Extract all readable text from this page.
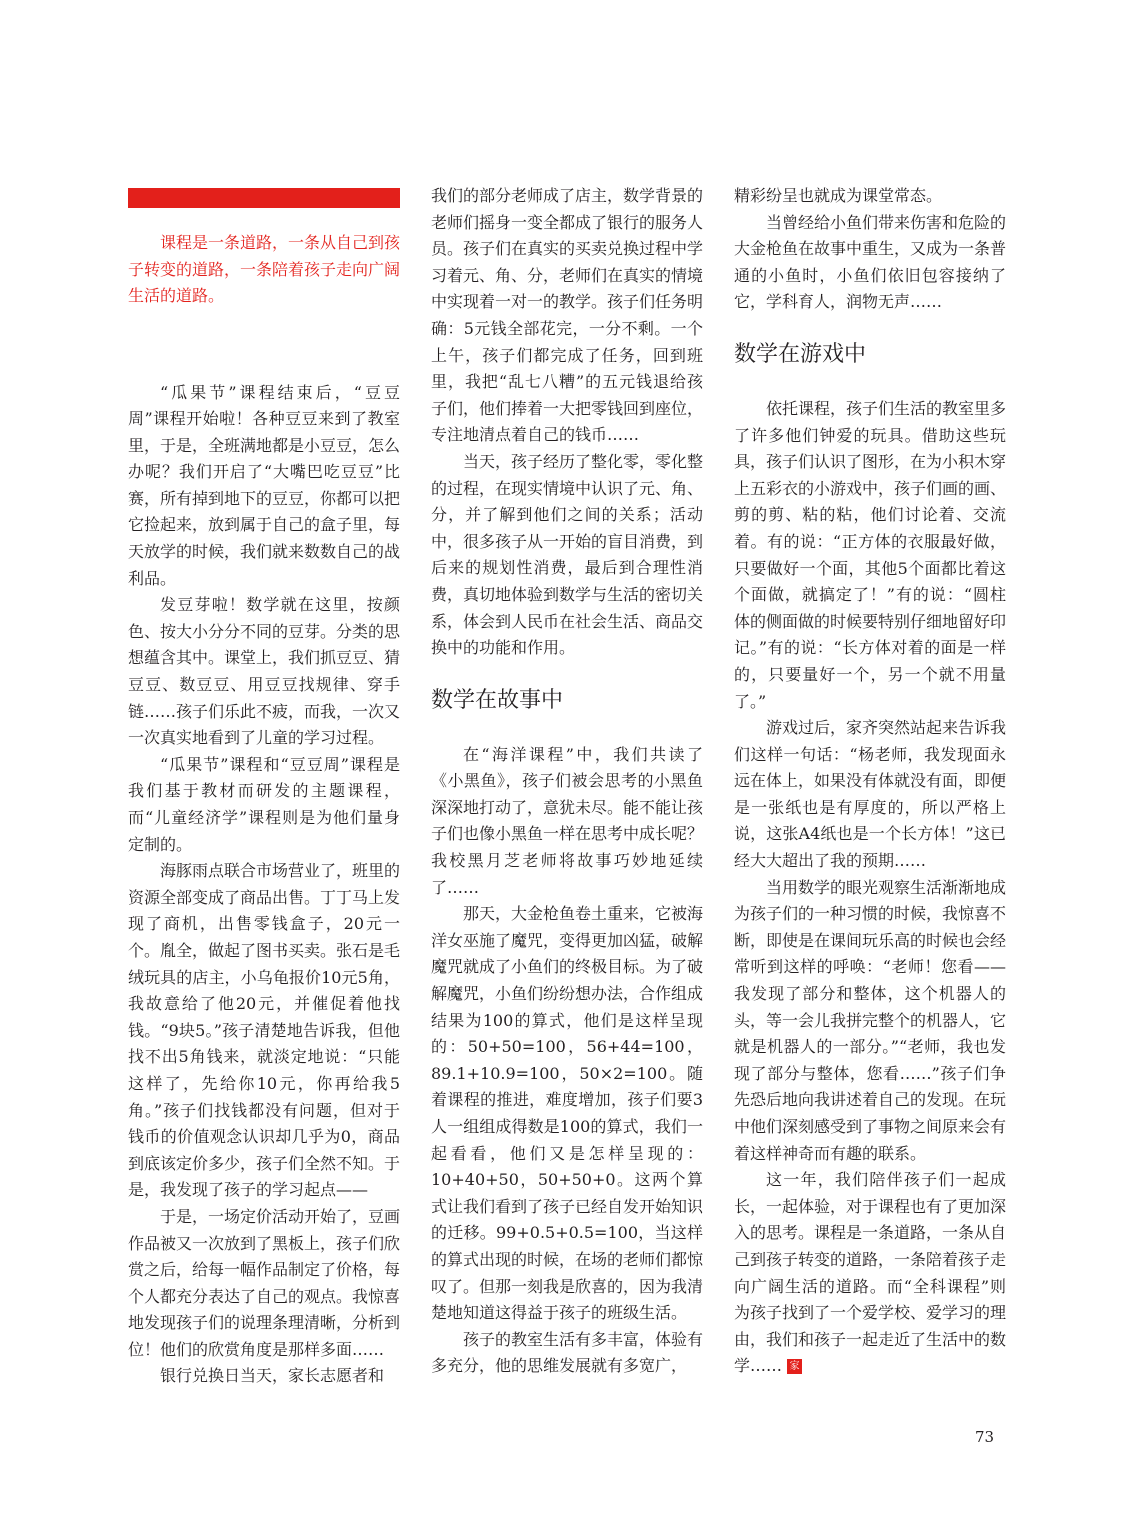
课程是一条道路，一条从自己到孩子转变的道路，一条陪着孩子走向广阔生活的道路。

“瓜果节”课程结束后，“豆豆周”课程开始啦！各种豆豆来到了教室里，于是，全班满地都是小豆豆，怎么办呢？我们开启了“大嘴巴吃豆豆”比赛，所有掉到地下的豆豆，你都可以把它捡起来，放到属于自己的盒子里，每天放学的时候，我们就来数数自己的战利品。

发豆芽啦！数学就在这里，按颜色、按大小分分不同的豆芽。分类的思想蕴含其中。课堂上，我们抓豆豆、猜豆豆、数豆豆、用豆豆找规律、穿手链……孩子们乐此不疲，而我，一次又一次真实地看到了儿童的学习过程。

“瓜果节”课程和“豆豆周”课程是我们基于教材而研发的主题课程，而“儿童经济学”课程则是为他们量身定制的。

海豚雨点联合市场营业了，班里的资源全部变成了商品出售。丁丁马上发现了商机，出售零钱盒子，20元一个。胤全，做起了图书买卖。张石是毛绒玩具的店主，小乌龟报价10元5角，我故意给了他20元，并催促着他找钱。“9块5。”孩子清楚地告诉我，但他找不出5角钱来，就淡定地说：“只能这样了，先给你10元，你再给我5角。”孩子们找钱都没有问题，但对于钱币的价值观念认识却几乎为0，商品到底该定价多少，孩子们全然不知。于是，我发现了孩子的学习起点——

于是，一场定价活动开始了，豆画作品被又一次放到了黑板上，孩子们欣赏之后，给每一幅作品制定了价格，每个人都充分表达了自己的观点。我惊喜地发现孩子们的说理条理清晰，分析到位！他们的欣赏角度是那样多面……

银行兑换日当天，家长志愿者和

我们的部分老师成了店主，数学背景的老师们摇身一变全都成了银行的服务人员。孩子们在真实的买卖兑换过程中学习着元、角、分，老师们在真实的情境中实现着一对一的教学。孩子们任务明确：5元钱全部花完，一分不剩。一个上午，孩子们都完成了任务，回到班里，我把“乱七八糟”的五元钱退给孩子们，他们捧着一大把零钱回到座位，专注地清点着自己的钱币……

当天，孩子经历了整化零，零化整的过程，在现实情境中认识了元、角、分，并了解到他们之间的关系；活动中，很多孩子从一开始的盲目消费，到后来的规划性消费，最后到合理性消费，真切地体验到数学与生活的密切关系，体会到人民币在社会生活、商品交换中的功能和作用。

数学在故事中

在“海洋课程”中，我们共读了《小黑鱼》，孩子们被会思考的小黑鱼深深地打动了，意犹未尽。能不能让孩子们也像小黑鱼一样在思考中成长呢？我校黑月芝老师将故事巧妙地延续了……

那天，大金枪鱼卷土重来，它被海洋女巫施了魔咒，变得更加凶猛，破解魔咒就成了小鱼们的终极目标。为了破解魔咒，小鱼们纷纷想办法，合作组成结果为100的算式，他们是这样呈现的：50+50=100，56+44=100，89.1+10.9=100，50×2=100。随着课程的推进，难度增加，孩子们要3人一组组成得数是100的算式，我们一起看看，他们又是怎样呈现的：10+40+50，50+50+0。这两个算式让我们看到了孩子已经自发开始知识的迁移。99+0.5+0.5=100，当这样的算式出现的时候，在场的老师们都惊叹了。但那一刻我是欣喜的，因为我清楚地知道这得益于孩子的班级生活。

孩子的教室生活有多丰富，体验有多充分，他的思维发展就有多宽广，

精彩纷呈也就成为课堂常态。

当曾经给小鱼们带来伤害和危险的大金枪鱼在故事中重生，又成为一条普通的小鱼时，小鱼们依旧包容接纳了它，学科育人，润物无声……

数学在游戏中

依托课程，孩子们生活的教室里多了许多他们钟爱的玩具。借助这些玩具，孩子们认识了图形，在为小积木穿上五彩衣的小游戏中，孩子们画的画、剪的剪、粘的粘，他们讨论着、交流着。有的说：“正方体的衣服最好做，只要做好一个面，其他5个面都比着这个面做，就搞定了！”有的说：“圆柱体的侧面做的时候要特别仔细地留好印记。”有的说：“长方体对着的面是一样的，只要量好一个，另一个就不用量了。”

游戏过后，家齐突然站起来告诉我们这样一句话：“杨老师，我发现面永远在体上，如果没有体就没有面，即便是一张纸也是有厚度的，所以严格上说，这张A4纸也是一个长方体！”这已经大大超出了我的预期……

当用数学的眼光观察生活渐渐地成为孩子们的一种习惯的时候，我惊喜不断，即使是在课间玩乐高的时候也会经常听到这样的呼唤：“老师！您看——我发现了部分和整体，这个机器人的头，等一会儿我拼完整个的机器人，它就是机器人的一部分。”“老师，我也发现了部分与整体，您看……”孩子们争先恐后地向我讲述着自己的发现。在玩中他们深刻感受到了事物之间原来会有着这样神奇而有趣的联系。

这一年，我们陪伴孩子们一起成长，一起体验，对于课程也有了更加深入的思考。课程是一条道路，一条从自己到孩子转变的道路，一条陪着孩子走向广阔生活的道路。而“全科课程”则为孩子找到了一个爱学校、爱学习的理由，我们和孩子一起走近了生活中的数学…… 家

73
